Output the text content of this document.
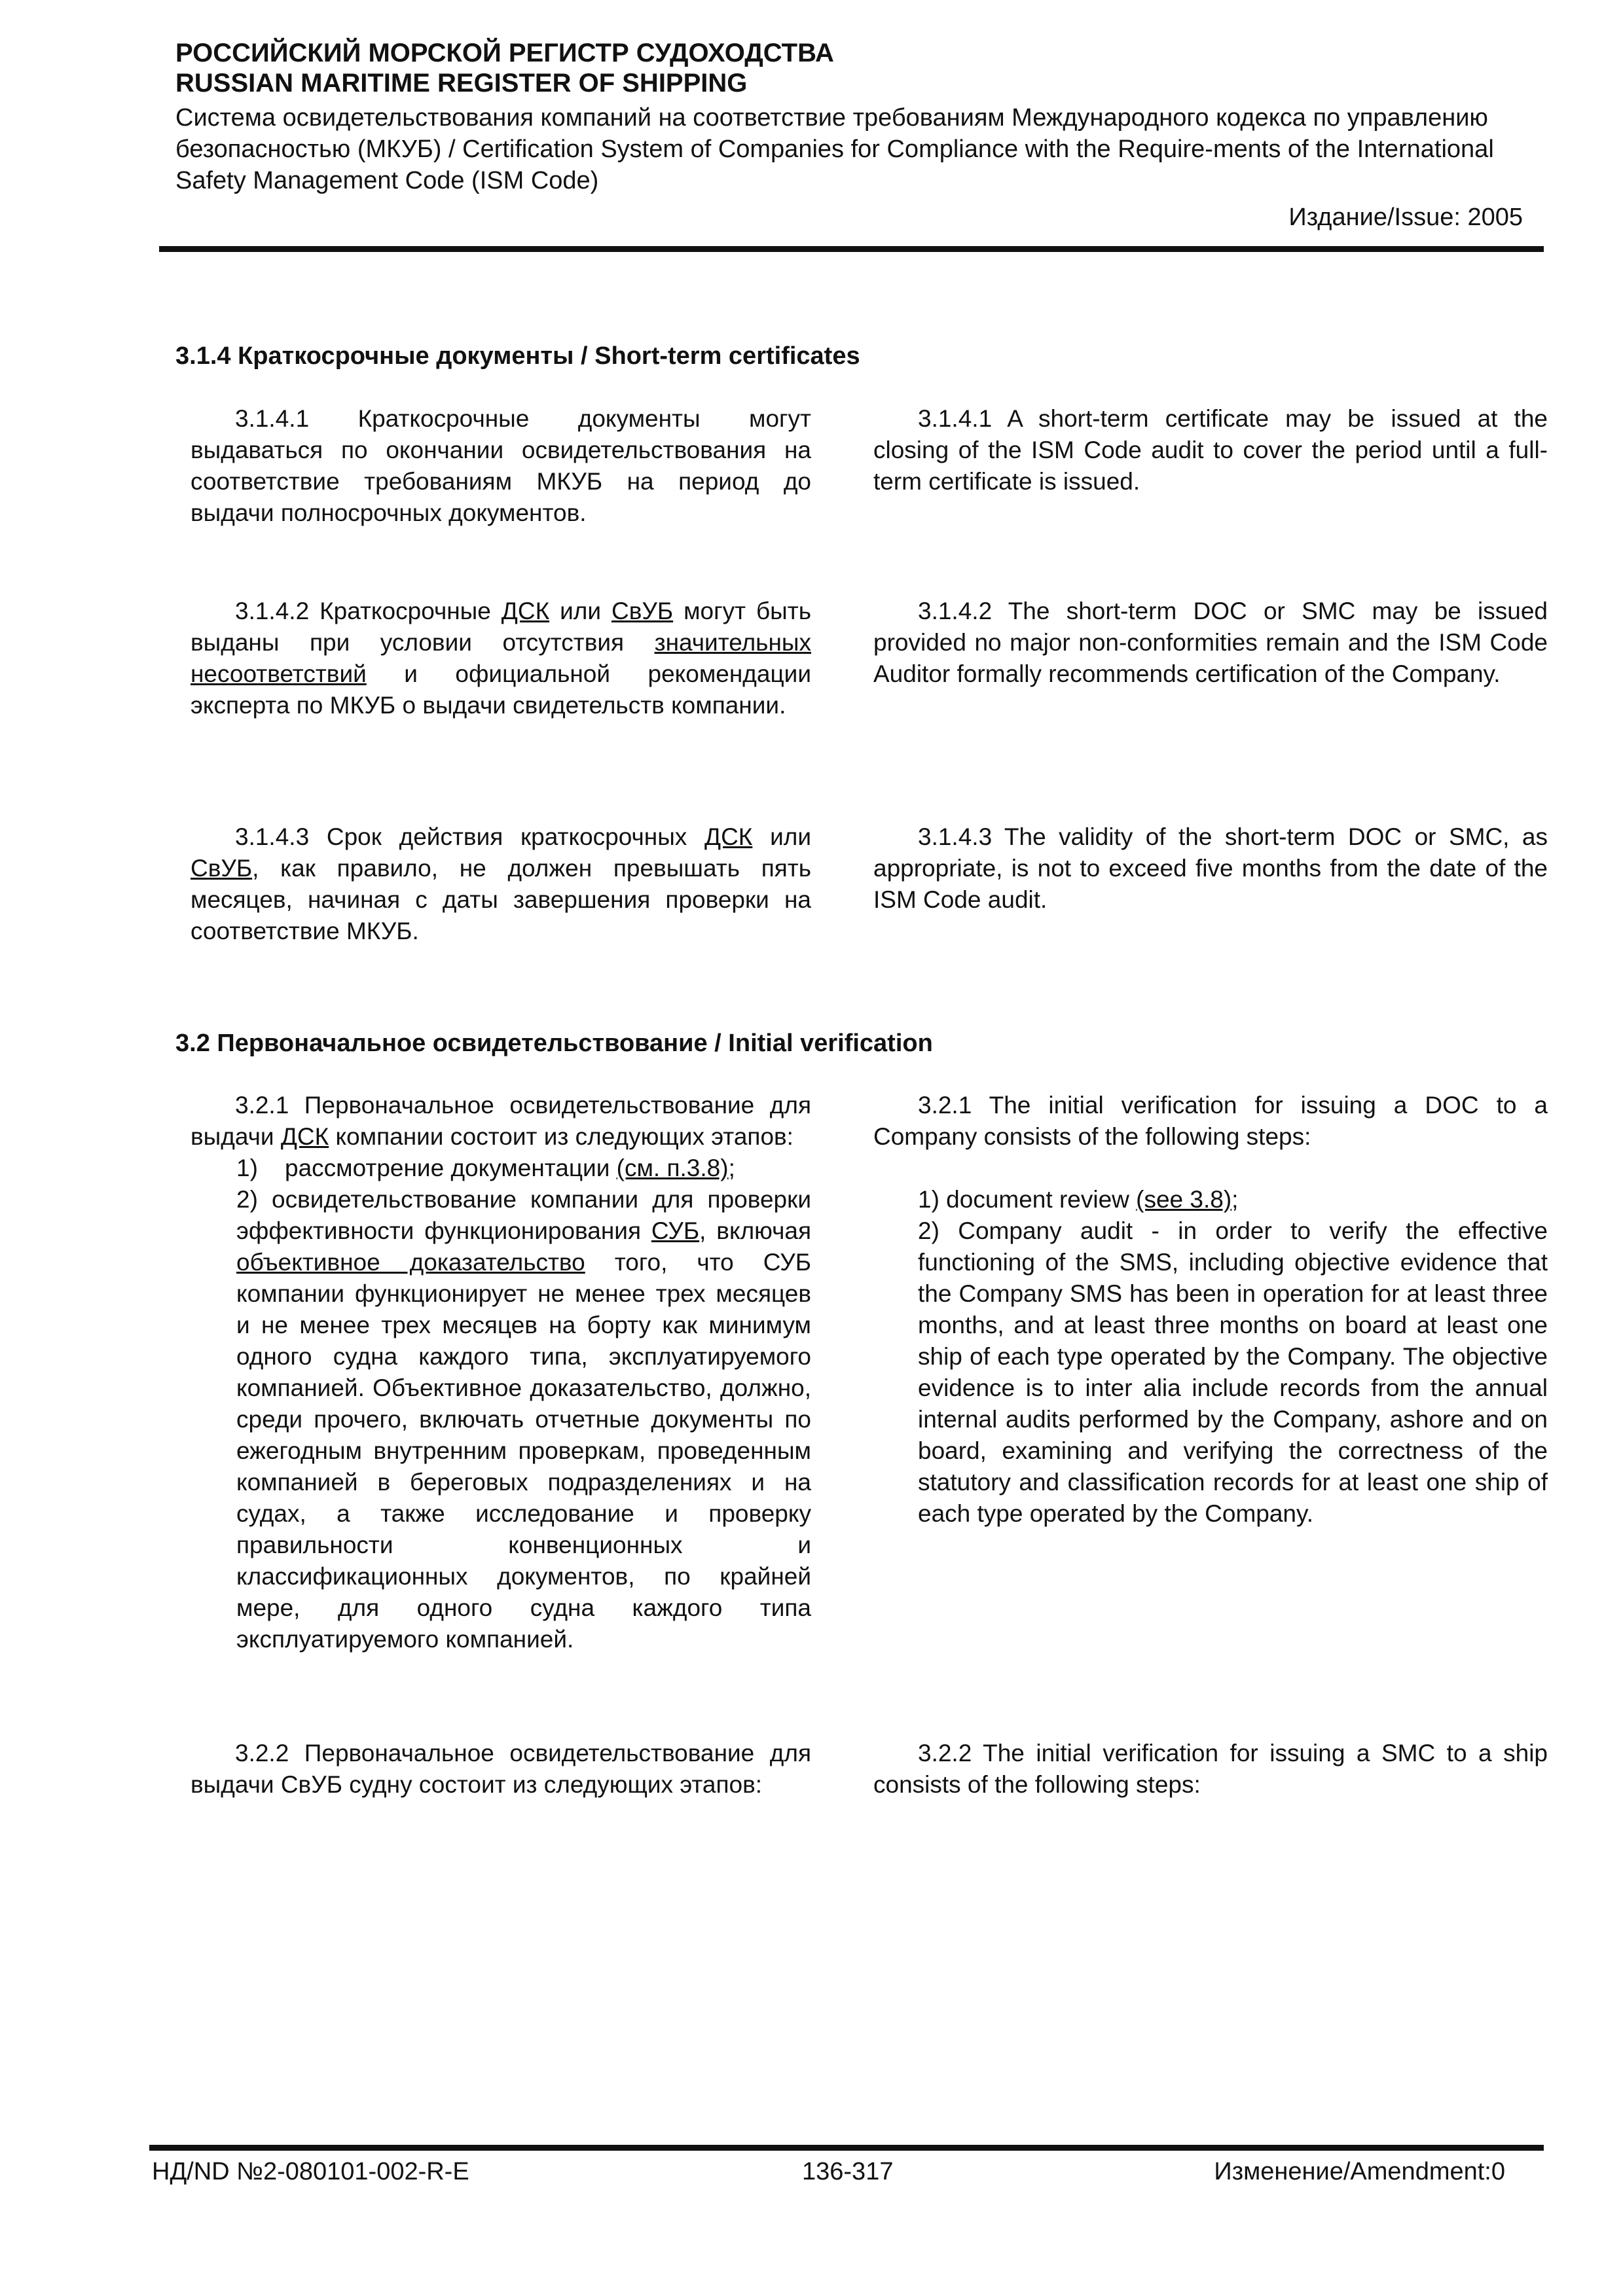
РОССИЙСКИЙ МОРСКОЙ РЕГИСТР СУДОХОДСТВА

RUSSIAN MARITIME REGISTER OF SHIPPING

Система освидетельствования компаний на соответствие требованиям Международного кодекса по управлению безопасностью (МКУБ) / Certification System of Companies for Compliance with the Require-ments of the International Safety Management Code (ISM Code)

Издание/Issue: 2005

3.1.4 Краткосрочные документы / Short-term certificates

3.1.4.1 Краткосрочные документы могут выдаваться по окончании освидетельствования на соответствие требованиям МКУБ на период до выдачи полносрочных документов.

3.1.4.1 A short-term certificate may be issued at the closing of the ISM Code audit to cover the period until a full-term certificate is issued.

3.1.4.2 Краткосрочные ДСК или СвУБ могут быть выданы при условии отсутствия значительных несоответствий и официальной рекомендации эксперта по МКУБ о выдачи свидетельств компании.

3.1.4.2 The short-term DOC or SMC may be issued provided no major non-conformities remain and the ISM Code Auditor formally recommends certification of the Company.

3.1.4.3 Срок действия краткосрочных ДСК или СвУБ, как правило, не должен превышать пять месяцев, начиная с даты завершения проверки на соответствие МКУБ.

3.1.4.3 The validity of the short-term DOC or SMC, as appropriate, is not to exceed five months from the date of the ISM Code audit.

3.2 Первоначальное освидетельствование / Initial verification

3.2.1 Первоначальное освидетельствование для выдачи ДСК компании состоит из следующих этапов:

1) рассмотрение документации (см. п.3.8);
2) освидетельствование компании для проверки эффективности функционирования СУБ, включая объективное доказательство того, что СУБ компании функционирует не менее трех месяцев и не менее трех месяцев на борту как минимум одного судна каждого типа, эксплуатируемого компанией. Объективное доказательство, должно, среди прочего, включать отчетные документы по ежегодным внутренним проверкам, проведенным компанией в береговых подразделениях и на судах, а также исследование и проверку правильности конвенционных и классификационных документов, по крайней мере, для одного судна каждого типа эксплуатируемого компанией.

3.2.1 The initial verification for issuing a DOC to a Company consists of the following steps:

1) document review (see 3.8);
2) Company audit - in order to verify the effective functioning of the SMS, including objective evidence that the Company SMS has been in operation for at least three months, and at least three months on board at least one ship of each type operated by the Company. The objective evidence is to inter alia include records from the annual internal audits performed by the Company, ashore and on board, examining and verifying the correctness of the statutory and classification records for at least one ship of each type operated by the Company.

3.2.2 Первоначальное освидетельствование для выдачи СвУБ судну состоит из следующих этапов:

3.2.2 The initial verification for issuing a SMC to a ship consists of the following steps:

НД/ND №2-080101-002-R-E	136-317	Изменение/Amendment:0
